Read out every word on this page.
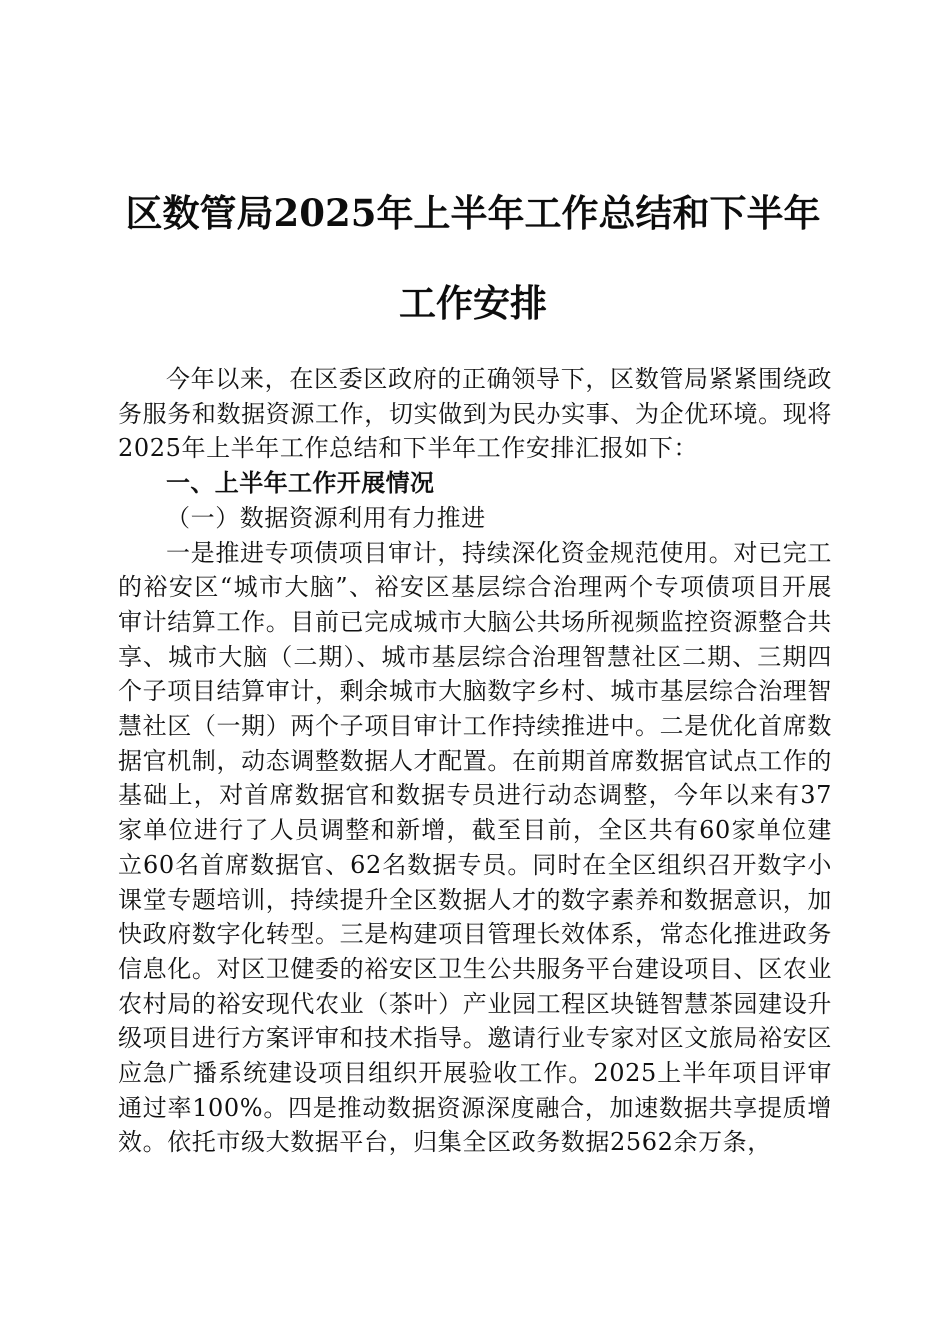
区数管局2025年上半年工作总结和下半年工作安排

今年以来，在区委区政府的正确领导下，区数管局紧紧围绕政务服务和数据资源工作，切实做到为民办实事、为企优环境。现将2025年上半年工作总结和下半年工作安排汇报如下：

一、上半年工作开展情况

（一）数据资源利用有力推进

一是推进专项债项目审计，持续深化资金规范使用。对已完工的裕安区“城市大脑”、裕安区基层综合治理两个专项债项目开展审计结算工作。目前已完成城市大脑公共场所视频监控资源整合共享、城市大脑（二期）、城市基层综合治理智慧社区二期、三期四个子项目结算审计，剩余城市大脑数字乡村、城市基层综合治理智慧社区（一期）两个子项目审计工作持续推进中。二是优化首席数据官机制，动态调整数据人才配置。在前期首席数据官试点工作的基础上，对首席数据官和数据专员进行动态调整，今年以来有37家单位进行了人员调整和新增，截至目前，全区共有60家单位建立60名首席数据官、62名数据专员。同时在全区组织召开数字小课堂专题培训，持续提升全区数据人才的数字素养和数据意识，加快政府数字化转型。三是构建项目管理长效体系，常态化推进政务信息化。对区卫健委的裕安区卫生公共服务平台建设项目、区农业农村局的裕安现代农业（茶叶）产业园工程区块链智慧茶园建设升级项目进行方案评审和技术指导。邀请行业专家对区文旅局裕安区应急广播系统建设项目组织开展验收工作。2025上半年项目评审通过率100%。四是推动数据资源深度融合，加速数据共享提质增效。依托市级大数据平台，归集全区政务数据2562余万条，
